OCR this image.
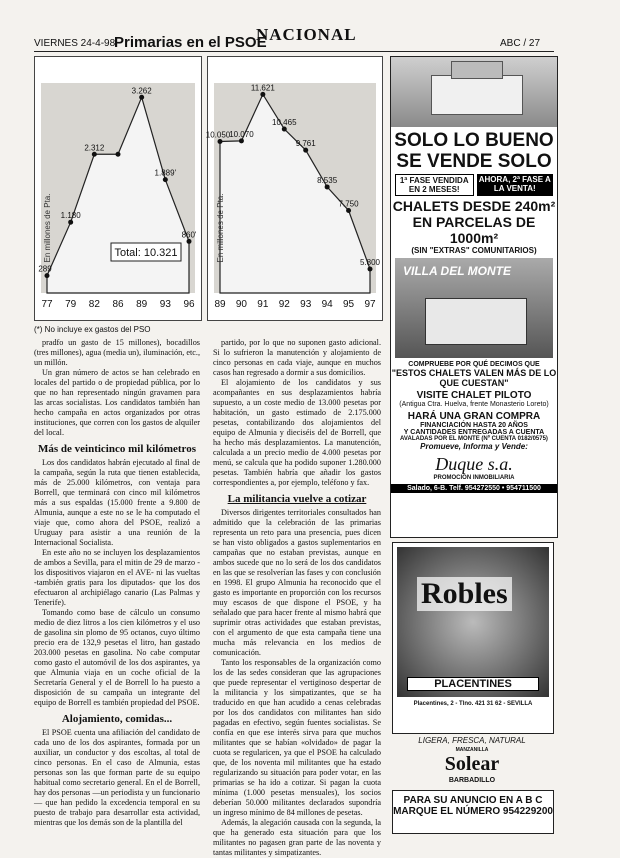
VIERNES 24-4-98
Primarias en el PSOE
NACIONAL	ABC / 27
289
1.180
2.312
3.262
1.889'
860'
77 79 82 86 89 93 96
En millones de Pta.	Total: 10.321
10.050
10.070
11.621
10.465
9.761
8.535
7.750
5.800
89 90 91 92 93 94 95 97
En millones de Pta.
(*) No incluye ex gastos del PSO

pradfo un gasto de 15 millones), bocadillos (tres millones), agua (media un), iluminación, etc., un millón.

Un gran número de actos se han celebrado en locales del partido o de propiedad pública, por lo que no han representado ningún gravamen para las arcas socialistas. Los candidatos también han hecho campaña en actos organizados por otras instituciones, que corren con los gastos de alquiler del local.

Más de veinticinco mil kilómetros

Los dos candidatos habrán ejecutado al final de la campaña, según la ruta que tienen establecida, más de 25.000 kilómetros, con ventaja para Borrell, que terminará con cinco mil kilómetros más a sus espaldas (15.000 frente a 9.800 de Almunia, aunque a este no se le ha computado el viaje que, como ahora del PSOE, realizó a Uruguay para asistir a una reunión de la Internacional Socialista.

En este año no se incluyen los desplazamientos de ambos a Sevilla, para el mitin de 29 de marzo -los dispositivos viajaron en el AVE- ni las vueltas -también gratis para los diputados- que los dos efectuaron al archipiélago canario (Las Palmas y Tenerife).

Tomando como base de cálculo un consumo medio de diez litros a los cien kilómetros y el uso de gasolina sin plomo de 95 octanos, cuyo último precio era de 132,9 pesetas el litro, han gastado 203.000 pesetas en gasolina. No cabe computar como gasto el automóvil de los dos aspirantes, ya que Almunia viaja en un coche oficial de la Secretaría General y el de Borrell lo ha puesto a disposición de su campaña un integrante del equipo de Borrell es también propiedad del PSOE.

Alojamiento, comidas...

El PSOE cuenta una afiliación del candidato de cada uno de los dos aspirantes, formada por un auxiliar, un conductor y dos escoltas, al total de cinco personas. En el caso de Almunia, estas personas son las que forman parte de su equipo habitual como secretario general. En el de Borrell, hay dos personas —un periodista y un funcionario— que han pedido la excedencia temporal en su puesto de trabajo para desarrollar esta actividad, mientras que los demás son de la plantilla del

partido, por lo que no suponen gasto adicional. Si lo sufrieron la manutención y alojamiento de cinco personas en cada viaje, aunque en muchos casos han regresado a dormir a sus domicilios.

El alojamiento de los candidatos y sus acompañantes en sus desplazamientos habría supuesto, a un coste medio de 13.000 pesetas por habitación, un gasto estimado de 2.175.000 pesetas, contabilizando dos alojamientos del equipo de Almunia y dieciséis del de Borrell, que ha hecho más desplazamientos. La manutención, calculada a un precio medio de 4.000 pesetas por menú, se calcula que ha podido suponer 1.280.000 pesetas. También habría que añadir los gastos correspondientes a, por ejemplo, teléfono y fax.

La militancia vuelve a cotizar

Diversos dirigentes territoriales consultados han admitido que la celebración de las primarias representa un reto para una presencia, pues dicen se han visto obligados a gastos suplementarios en campañas que no estaban previstas, aunque en ambos sucede que no lo será de los dos candidatos en las que se resolverían las fases y con conclusión en 1998. El grupo Almunia ha reconocido que el gasto es importante en proporción con los recursos muy escasos de que dispone el PSOE, y ha señalado que para hacer frente al mismo habrá que suprimir otras actividades que estaban previstas, con el argumento de que esta campaña tiene una mucha más relevancia en los medios de comunicación.

Tanto los responsables de la organización como los de las sedes consideran que las agrupaciones que puede representar el vertiginoso despertar de la militancia y los simpatizantes, que se ha traducido en que han acudido a cenas celebradas por los dos candidatos con militantes han sido pagadas en efectivo, según fuentes socialistas. Se confía en que ese interés sirva para que muchos militantes que se habían «olvidado» de pagar la cuota se regularicen, ya que el PSOE ha calculado que, de los noventa mil militantes que ha estado regularizando su situación para poder votar, en las primarias se ha ido a cotizar. Si pagan la cuota mínima (1.000 pesetas mensuales), los socios deberían 50.000 militantes declarados supondría un ingreso mínimo de 84 millones de pesetas.

Además, la alegación causada con la segunda, la que ha generado esta situación para que los militantes no pagasen gran parte de las noventa y tantas militantes y simpatizantes.

SOLO LO BUENO
SE VENDE SOLO
1ª FASE VENDIDA EN 2 MESES!
AHORA, 2ª FASE A LA VENTA!
CHALETS DESDE 240m²
EN PARCELAS DE 1000m²
(SIN "EXTRAS" COMUNITARIOS)
VILLA DEL MONTE
COMPRUEBE POR QUÉ DECIMOS QUE
"ESTOS CHALETS VALEN MÁS DE LO QUE CUESTAN"
VISITE CHALET PILOTO
(Antigua Ctra. Huelva, frente Monasterio Loreto)
HARÁ UNA GRAN COMPRA
FINANCIACIÓN HASTA 20 AÑOS
Y CANTIDADES ENTREGADAS A CUENTA
AVALADAS POR EL MONTE (Nº CUENTA 0182/0575)
Promueve, Informa y Vende:
Duque s.a.
PROMOCIÓN INMOBILIARIA
Salado, 6-B. Telf. 954272550 • 954711500
Robles
PLACENTINES
Placentines, 2 - Tlno. 421 31 62 - SEVILLA
LIGERA, FRESCA, NATURAL
MANZANILLA
Solear
BARBADILLO
PARA SU ANUNCIO EN A B C
MARQUE EL NÚMERO 954229200
